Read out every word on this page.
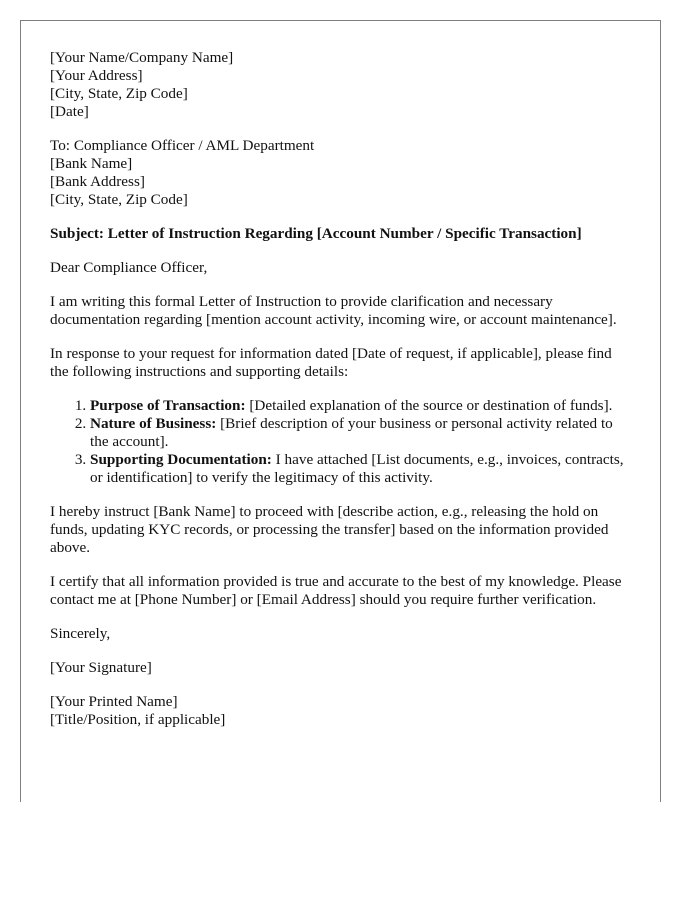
[Your Name/Company Name]
[Your Address]
[City, State, Zip Code]
[Date]
To: Compliance Officer / AML Department
[Bank Name]
[Bank Address]
[City, State, Zip Code]

Subject: Letter of Instruction Regarding [Account Number / Specific Transaction]

Dear Compliance Officer,

I am writing this formal Letter of Instruction to provide clarification and necessary documentation regarding [mention account activity, incoming wire, or account maintenance].

In response to your request for information dated [Date of request, if applicable], please find the following instructions and supporting details:

1. Purpose of Transaction: [Detailed explanation of the source or destination of funds].
2. Nature of Business: [Brief description of your business or personal activity related to the account].
3. Supporting Documentation: I have attached [List documents, e.g., invoices, contracts, or identification] to verify the legitimacy of this activity.

I hereby instruct [Bank Name] to proceed with [describe action, e.g., releasing the hold on funds, updating KYC records, or processing the transfer] based on the information provided above.

I certify that all information provided is true and accurate to the best of my knowledge. Please contact me at [Phone Number] or [Email Address] should you require further verification.

Sincerely,

[Your Signature]

[Your Printed Name]
[Title/Position, if applicable]
